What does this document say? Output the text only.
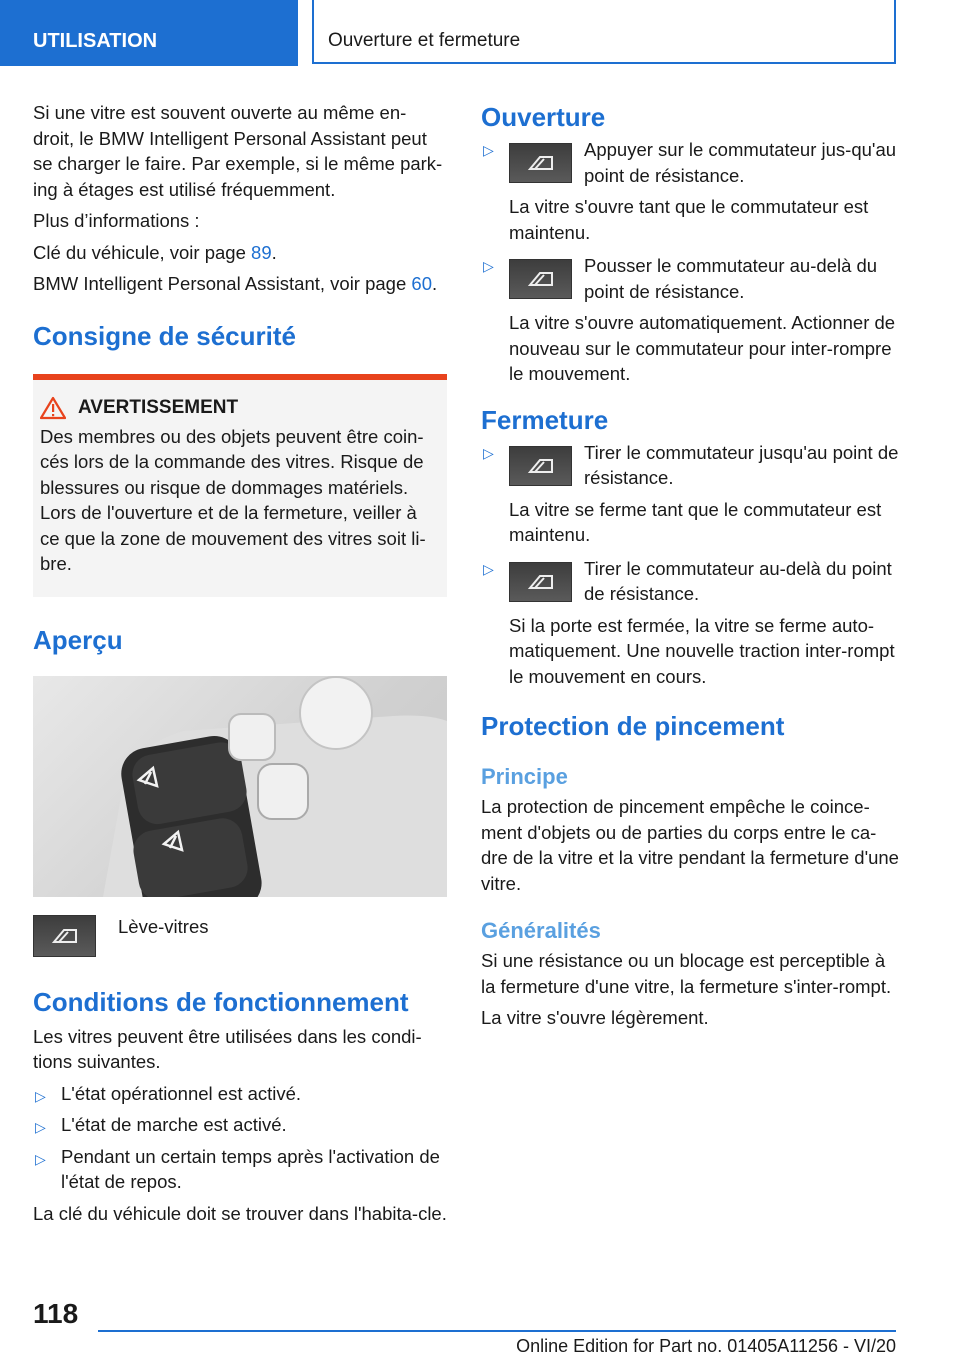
UTILISATION	Ouverture et fermeture

Si une vitre est souvent ouverte au même en-droit, le BMW Intelligent Personal Assistant peut se charger le faire. Par exemple, si le même park-ing à étages est utilisé fréquemment.

Plus d’informations :

Clé du véhicule, voir page 89.

BMW Intelligent Personal Assistant, voir page 60.

Consigne de sécurité
AVERTISSEMENT

Des membres ou des objets peuvent être coin-cés lors de la commande des vitres. Risque de blessures ou risque de dommages matériels. Lors de l'ouverture et de la fermeture, veiller à ce que la zone de mouvement des vitres soit li-bre.

Aperçu
Lève-vitres
Conditions de fonctionnement

Les vitres peuvent être utilisées dans les condi-tions suivantes.

▷ L'état opérationnel est activé.
▷ L'état de marche est activé.
▷ Pendant un certain temps après l'activation de l'état de repos.

La clé du véhicule doit se trouver dans l'habita-cle.

Ouverture
▷	Appuyer sur le commutateur jus-qu'au point de résistance.
La vitre s'ouvre tant que le commutateur est maintenu.
▷	Pousser le commutateur au-delà du point de résistance.
La vitre s'ouvre automatiquement. Actionner de nouveau sur le commutateur pour inter-rompre le mouvement.
Fermeture
▷	Tirer le commutateur jusqu'au point de résistance.
La vitre se ferme tant que le commutateur est maintenu.
▷	Tirer le commutateur au-delà du point de résistance.
Si la porte est fermée, la vitre se ferme auto-matiquement. Une nouvelle traction inter-rompt le mouvement en cours.
Protection de pincement
Principe

La protection de pincement empêche le coince-ment d'objets ou de parties du corps entre le ca-dre de la vitre et la vitre pendant la fermeture d'une vitre.

Généralités

Si une résistance ou un blocage est perceptible à la fermeture d'une vitre, la fermeture s'inter-rompt.

La vitre s'ouvre légèrement.

118
Online Edition for Part no. 01405A11256 - VI/20
